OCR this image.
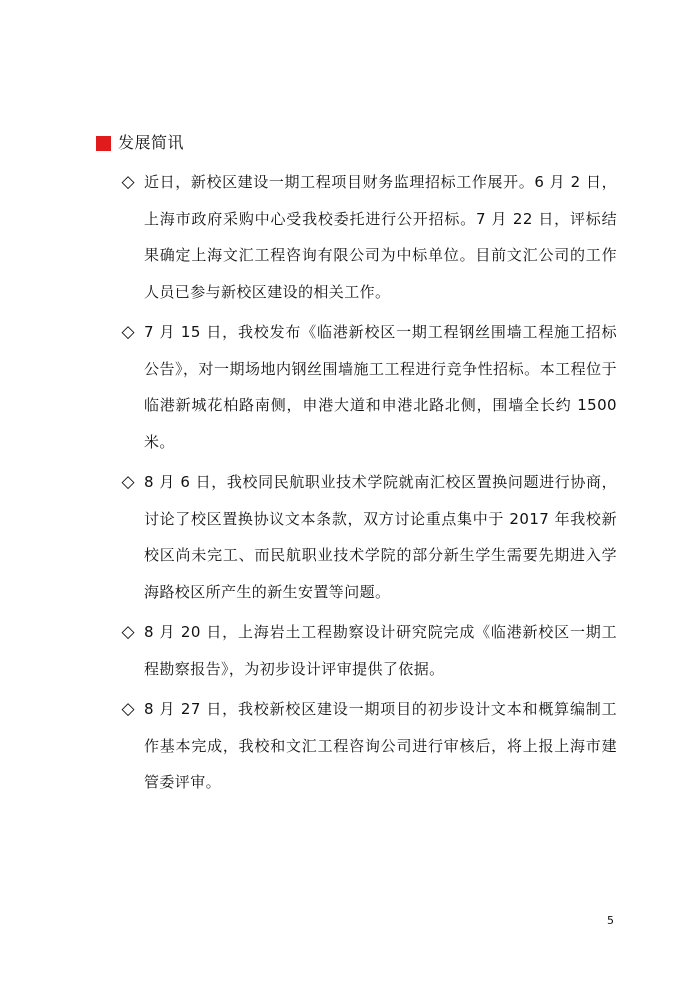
发展简讯
◇ 近日，新校区建设一期工程项目财务监理招标工作展开。6 月 2 日，上海市政府采购中心受我校委托进行公开招标。7 月 22 日，评标结果确定上海文汇工程咨询有限公司为中标单位。目前文汇公司的工作人员已参与新校区建设的相关工作。
◇ 7 月 15 日，我校发布《临港新校区一期工程钢丝围墙工程施工招标公告》，对一期场地内钢丝围墙施工工程进行竞争性招标。本工程位于临港新城花柏路南侧，申港大道和申港北路北侧，围墙全长约 1500 米。
◇ 8 月 6 日，我校同民航职业技术学院就南汇校区置换问题进行协商，讨论了校区置换协议文本条款，双方讨论重点集中于 2017 年我校新校区尚未完工、而民航职业技术学院的部分新生学生需要先期进入学海路校区所产生的新生安置等问题。
◇ 8 月 20 日，上海岩土工程勘察设计研究院完成《临港新校区一期工程勘察报告》，为初步设计评审提供了依据。
◇ 8 月 27 日，我校新校区建设一期项目的初步设计文本和概算编制工作基本完成，我校和文汇工程咨询公司进行审核后，将上报上海市建管委评审。
5
